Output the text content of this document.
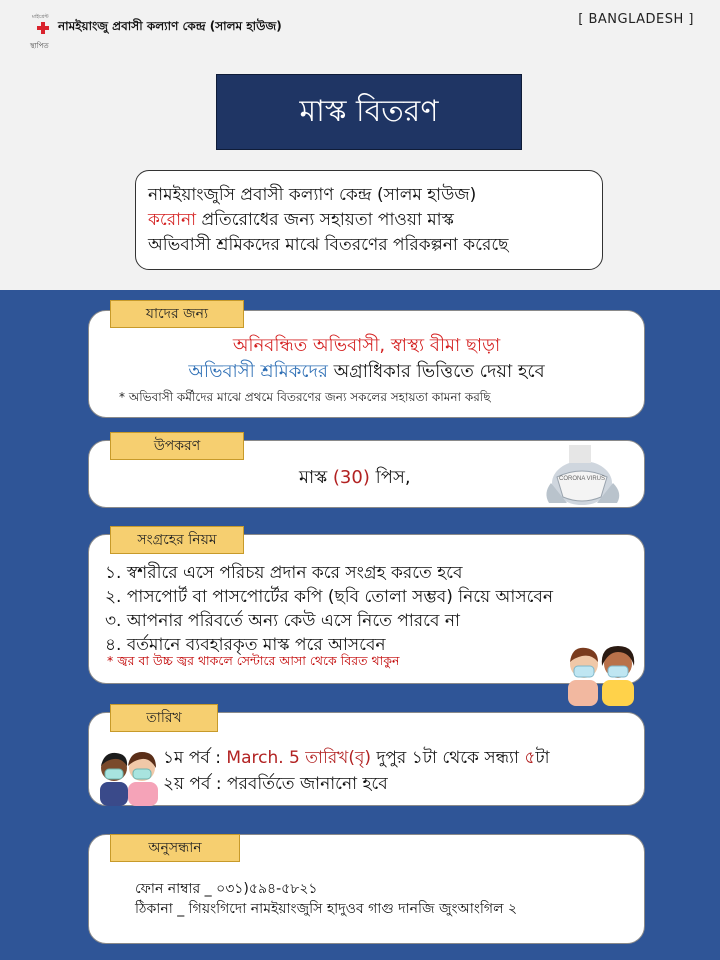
মাইগ্রেন্ট
স্থাপিত
নামইয়াংজু প্রবাসী কল্যাণ কেন্দ্র (সালম হাউজ)	[ BANGLADESH ]
মাস্ক বিতরণ
নামইয়াংজুসি প্রবাসী কল্যাণ কেন্দ্র (সালম হাউজ)
করোনা প্রতিরোধের জন্য সহায়তা পাওয়া মাস্ক
অভিবাসী শ্রমিকদের মাঝে বিতরণের পরিকল্পনা করেছে
অনিবন্ধিত অভিবাসী, স্বাস্থ্য বীমা ছাড়া
অভিবাসী শ্রমিকদের অগ্রাধিকার ভিত্তিতে দেয়া হবে
* অভিবাসী কর্মীদের মাঝে প্রথমে বিতরণের জন্য সকলের সহায়তা কামনা করছি
যাদের জন্য
মাস্ক (30) পিস,	CORONA VIRUS
উপকরণ
১. স্বশরীরে এসে পরিচয় প্রদান করে সংগ্রহ করতে হবে
২. পাসপোর্ট বা পাসপোর্টের কপি (ছবি তোলা সম্ভব) নিয়ে আসবেন
৩. আপনার পরিবর্তে অন্য কেউ এসে নিতে পারবে না
৪. বর্তমানে ব্যবহারকৃত মাস্ক পরে আসবেন
* জ্বর বা উচ্চ জ্বর থাকলে সেন্টারে আসা থেকে বিরত থাকুন
সংগ্রহের নিয়ম
১ম পর্ব : March. 5 তারিখ(বৃ) দুপুর ১টা থেকে সন্ধ্যা ৫টা
২য় পর্ব : পরবর্তিতে জানানো হবে
তারিখ
ফোন নাম্বার _ ০৩১)৫৯৪-৫৮২১
ঠিকানা _ গিয়ংগিদো নামইয়াংজুসি হাদুওব গাগু দানজি জুংআংগিল ২
অনুসন্ধান
